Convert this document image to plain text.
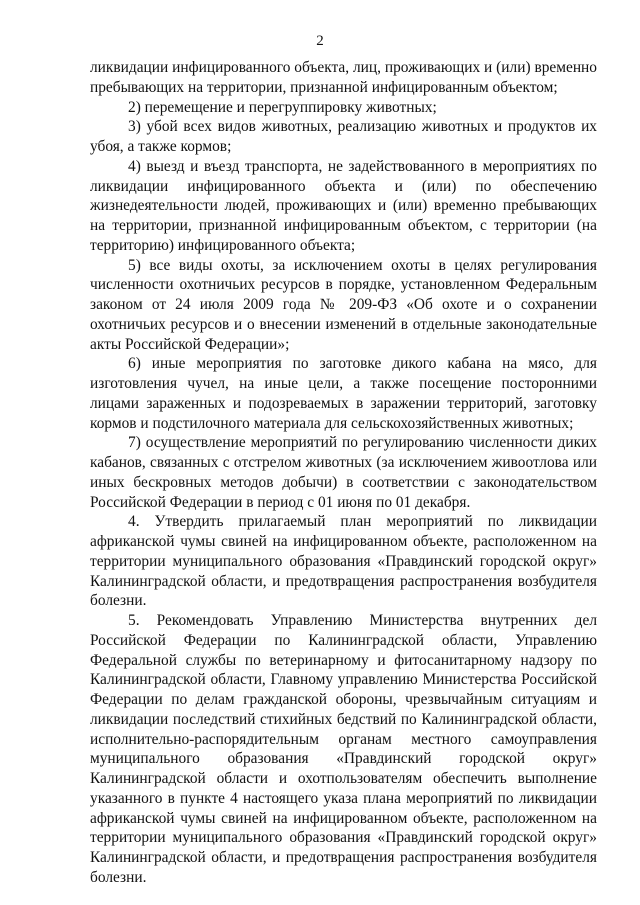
2

ликвидации инфицированного объекта, лиц, проживающих и (или) временно пребывающих на территории, признанной инфицированным объектом;

2) перемещение и перегруппировку животных;

3) убой всех видов животных, реализацию животных и продуктов их убоя, а также кормов;

4) выезд и въезд транспорта, не задействованного в мероприятиях по ликвидации инфицированного объекта и (или) по обеспечению жизнедеятельности людей, проживающих и (или) временно пребывающих на территории, признанной инфицированным объектом, с территории (на территорию) инфицированного объекта;

5) все виды охоты, за исключением охоты в целях регулирования численности охотничьих ресурсов в порядке, установленном Федеральным законом от 24 июля 2009 года № 209-ФЗ «Об охоте и о сохранении охотничьих ресурсов и о внесении изменений в отдельные законодательные акты Российской Федерации»;

6) иные мероприятия по заготовке дикого кабана на мясо, для изготовления чучел, на иные цели, а также посещение посторонними лицами зараженных и подозреваемых в заражении территорий, заготовку кормов и подстилочного материала для сельскохозяйственных животных;

7) осуществление мероприятий по регулированию численности диких кабанов, связанных с отстрелом животных (за исключением живоотлова или иных бескровных методов добычи) в соответствии с законодательством Российской Федерации в период с 01 июня по 01 декабря.

4. Утвердить прилагаемый план мероприятий по ликвидации африканской чумы свиней на инфицированном объекте, расположенном на территории муниципального образования «Правдинский городской округ» Калининградской области, и предотвращения распространения возбудителя болезни.

5. Рекомендовать Управлению Министерства внутренних дел Российской Федерации по Калининградской области, Управлению Федеральной службы по ветеринарному и фитосанитарному надзору по Калининградской области, Главному управлению Министерства Российской Федерации по делам гражданской обороны, чрезвычайным ситуациям и ликвидации последствий стихийных бедствий по Калининградской области, исполнительно-распорядительным органам местного самоуправления муниципального образования «Правдинский городской округ» Калининградской области и охотпользователям обеспечить выполнение указанного в пункте 4 настоящего указа плана мероприятий по ликвидации африканской чумы свиней на инфицированном объекте, расположенном на территории муниципального образования «Правдинский городской округ» Калининградской области, и предотвращения распространения возбудителя болезни.
